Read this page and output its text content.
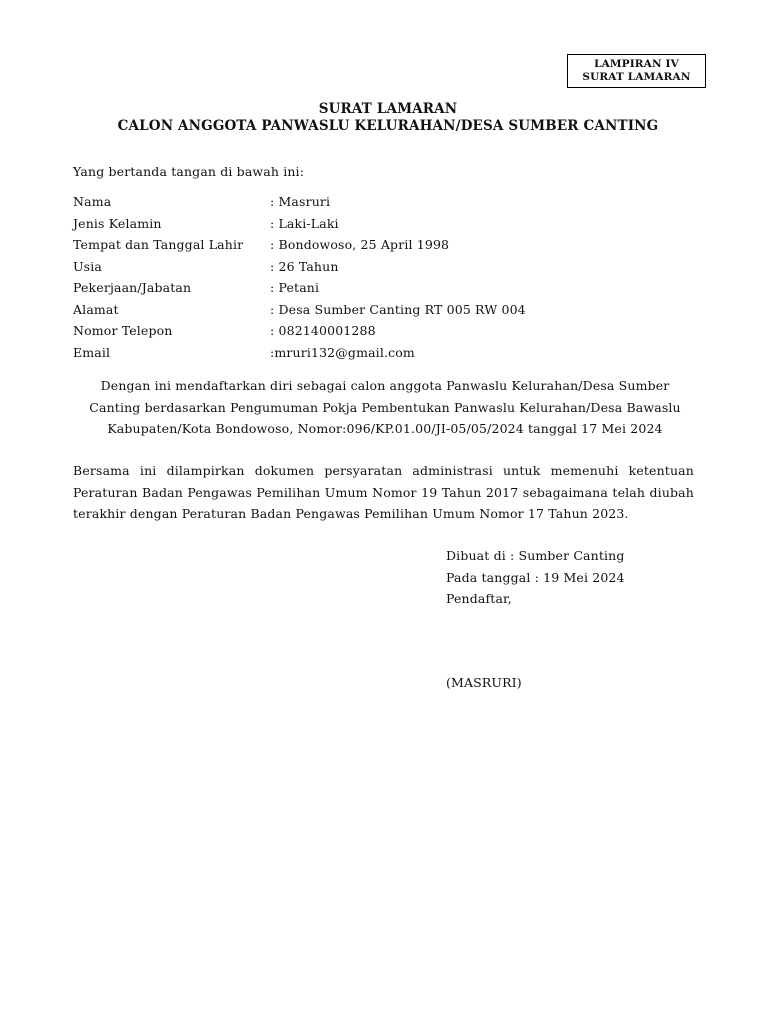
LAMPIRAN IV
SURAT LAMARAN
SURAT LAMARAN
CALON ANGGOTA PANWASLU KELURAHAN/DESA SUMBER CANTING
Yang bertanda tangan di bawah ini:
Nama	: Masruri
Jenis Kelamin	: Laki-Laki
Tempat dan Tanggal Lahir : Bondowoso, 25 April 1998
Usia	: 26 Tahun
Pekerjaan/Jabatan	: Petani
Alamat	: Desa Sumber Canting RT 005 RW 004
Nomor Telepon	: 082140001288
Email	:mruri132@gmail.com
Dengan ini mendaftarkan diri sebagai calon anggota Panwaslu Kelurahan/Desa Sumber Canting berdasarkan Pengumuman Pokja Pembentukan Panwaslu Kelurahan/Desa Bawaslu Kabupaten/Kota Bondowoso, Nomor:096/KP.01.00/JI-05/05/2024 tanggal 17 Mei 2024
Bersama ini dilampirkan dokumen persyaratan administrasi untuk memenuhi ketentuan Peraturan Badan Pengawas Pemilihan Umum Nomor 19 Tahun 2017 sebagaimana telah diubah terakhir dengan Peraturan Badan Pengawas Pemilihan Umum Nomor 17 Tahun 2023.
Dibuat di : Sumber Canting
Pada tanggal : 19 Mei 2024
Pendaftar,
(MASRURI)
